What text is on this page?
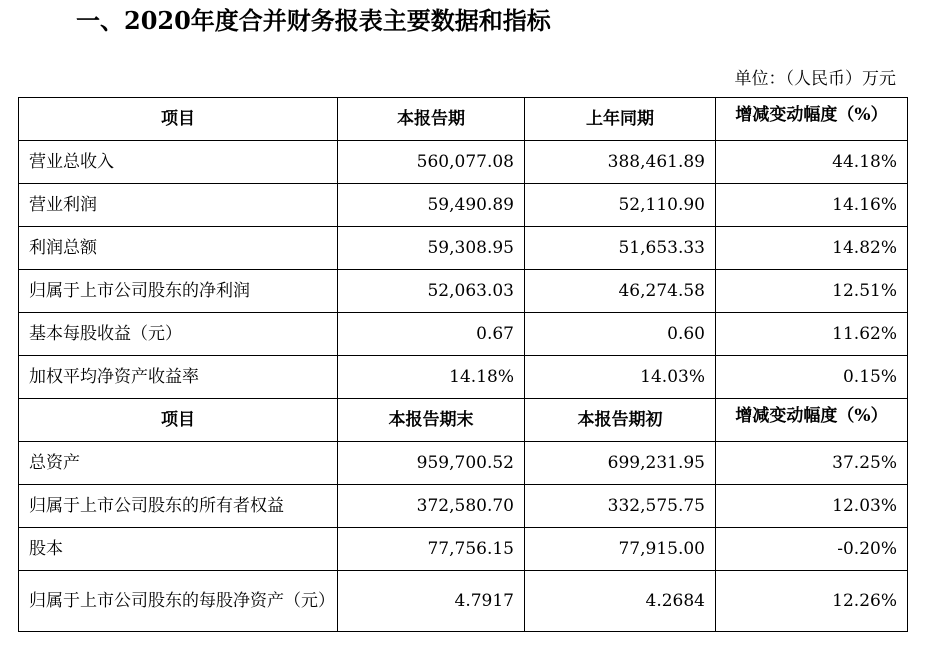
一、2020年度合并财务报表主要数据和指标
单位：（人民币）万元
项目	本报告期	上年同期	增减变动幅度（%）
营业总收入	560,077.08	388,461.89	44.18%
营业利润	59,490.89	52,110.90	14.16%
利润总额	59,308.95	51,653.33	14.82%
归属于上市公司股东的净利润	52,063.03	46,274.58	12.51%
基本每股收益（元）	0.67	0.60	11.62%
加权平均净资产收益率	14.18%	14.03%	0.15%
项目	本报告期末	本报告期初	增减变动幅度（%）
总资产	959,700.52	699,231.95	37.25%
归属于上市公司股东的所有者权益	372,580.70	332,575.75	12.03%
股本	77,756.15	77,915.00	-0.20%
归属于上市公司股东的每股净资产（元）	4.7917	4.2684	12.26%
